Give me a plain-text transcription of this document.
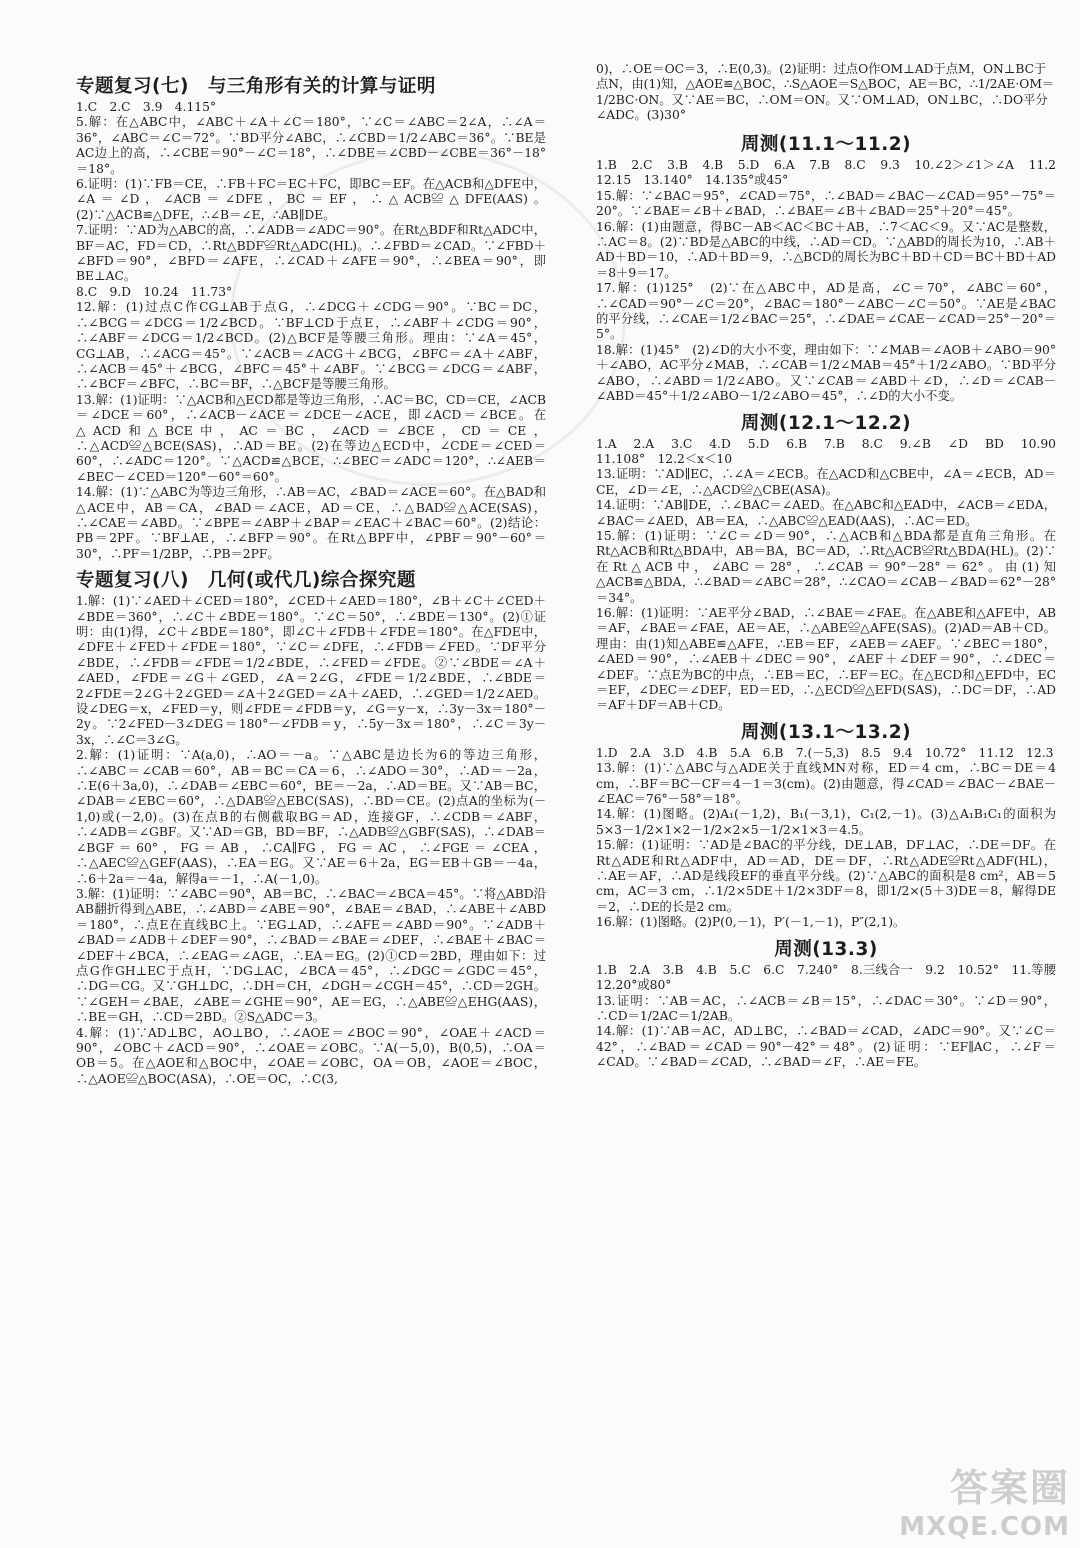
专题复习(七)　与三角形有关的计算与证明

1.C　2.C　3.9　4.115°

5.解：在△ABC中，∠ABC＋∠A＋∠C＝180°，∵∠C＝∠ABC＝2∠A，∴∠A＝36°，∠ABC＝∠C＝72°。∵BD平分∠ABC，∴∠CBD＝1/2∠ABC＝36°。∵BE是AC边上的高，∴∠CBE＝90°－∠C＝18°，∴∠DBE＝∠CBD－∠CBE＝36°－18°＝18°。

6.证明：(1)∵FB＝CE，∴FB＋FC＝EC＋FC，即BC＝EF。在△ACB和△DFE中，∠A＝∠D，∠ACB＝∠DFE，BC＝EF，∴△ACB≌△DFE(AAS)。(2)∵△ACB≌△DFE，∴∠B＝∠E，∴AB∥DE。

7.证明：∵AD为△ABC的高，∴∠ADB＝∠ADC＝90°。在Rt△BDF和Rt△ADC中，BF＝AC，FD＝CD，∴Rt△BDF≌Rt△ADC(HL)。∴∠FBD＝∠CAD。∵∠FBD＋∠BFD＝90°，∠BFD＝∠AFE，∴∠CAD＋∠AFE＝90°，∴∠BEA＝90°，即BE⊥AC。

8.C　9.D　10.24　11.73°

12.解：(1)过点C作CG⊥AB于点G，∴∠DCG＋∠CDG＝90°。∵BC＝DC，∴∠BCG＝∠DCG＝1/2∠BCD。∵BF⊥CD于点E，∴∠ABF＋∠CDG＝90°，∴∠ABF＝∠DCG＝1/2∠BCD。(2)△BCF是等腰三角形。理由：∵∠A＝45°，CG⊥AB，∴∠ACG＝45°。∵∠ACB＝∠ACG＋∠BCG，∠BFC＝∠A＋∠ABF，∴∠ACB＝45°＋∠BCG，∠BFC＝45°＋∠ABF。∵∠BCG＝∠DCG＝∠ABF，∴∠BCF＝∠BFC，∴BC＝BF，∴△BCF是等腰三角形。

13.解：(1)证明：∵△ACB和△ECD都是等边三角形，∴AC＝BC，CD＝CE，∠ACB＝∠DCE＝60°，∴∠ACB－∠ACE＝∠DCE－∠ACE，即∠ACD＝∠BCE。在△ACD和△BCE中，AC＝BC，∠ACD＝∠BCE，CD＝CE，∴△ACD≌△BCE(SAS)，∴AD＝BE。(2)在等边△ECD中，∠CDE＝∠CED＝60°，∴∠ADC＝120°。∵△ACD≌△BCE，∴∠BEC＝∠ADC＝120°，∴∠AEB＝∠BEC－∠CED＝120°－60°＝60°。

14.解：(1)∵△ABC为等边三角形，∴AB＝AC，∠BAD＝∠ACE＝60°。在△BAD和△ACE中，AB＝CA，∠BAD＝∠ACE，AD＝CE，∴△BAD≌△ACE(SAS)，∴∠CAE＝∠ABD。∵∠BPE＝∠ABP＋∠BAP＝∠EAC＋∠BAC＝60°。(2)结论：PB＝2PF。∵BF⊥AE，∴∠BFP＝90°。在Rt△BPF中，∠PBF＝90°－60°＝30°，∴PF＝1/2BP，∴PB＝2PF。

专题复习(八)　几何(或代几)综合探究题

1.解：(1)∵∠AED＋∠CED＝180°，∠CED＋∠AED＝180°，∠B＋∠C＋∠CED＋∠BDE＝360°，∴∠C＋∠BDE＝180°。∵∠C＝50°，∴∠BDE＝130°。(2)①证明：由(1)得，∠C＋∠BDE＝180°，即∠C＋∠FDB＋∠FDE＝180°。在△FDE中，∠DFE＋∠FED＋∠FDE＝180°，∵∠C＝∠DFE，∴∠FDB＝∠FED。∵DF平分∠BDE，∴∠FDB＝∠FDE＝1/2∠BDE，∴∠FED＝∠FDE。②∵∠BDE＝∠A＋∠AED，∠FDE＝∠G＋∠GED，∠A＝2∠G，∠FDE＝1/2∠BDE，∴∠BDE＝2∠FDE＝2∠G＋2∠GED＝∠A＋2∠GED＝∠A＋∠AED，∴∠GED＝1/2∠AED。设∠DEG＝x，∠FED＝y，则∠FDE＝∠FDB＝y，∠G＝y－x，∴3y－3x＝180°－2y。∵2∠FED－3∠DEG＝180°－∠FDB＝y，∴5y－3x＝180°，∴∠C＝3y－3x，∴∠C＝3∠G。

2.解：(1)证明：∵A(a,0)，∴AO＝－a。∵△ABC是边长为6的等边三角形，∴∠ABC＝∠CAB＝60°，AB＝BC＝CA＝6，∴∠ADO＝30°，∴AD＝－2a，∴E(6＋3a,0)，∴∠DAB＝∠EBC＝60°，BE＝－2a，∴AD＝BE。又∵AB＝BC，∠DAB＝∠EBC＝60°，∴△DAB≌△EBC(SAS)，∴BD＝CE。(2)点A的坐标为(－1,0)或(－2,0)。(3)在点B的右侧截取BG＝AD，连接GF，∴∠CDB＝∠ABF，∴∠ADB＝∠GBF。又∵AD＝GB，BD＝BF，∴△ADB≌△GBF(SAS)，∴∠DAB＝∠BGF＝60°，FG＝AB，∴CA∥FG，FG＝AC，∴∠FGE＝∠CEA，∴△AEC≌△GEF(AAS)，∴EA＝EG。又∵AE＝6＋2a，EG＝EB＋GB＝－4a，∴6＋2a＝－4a，解得a＝－1，∴A(－1,0)。

3.解：(1)证明：∵∠ABC＝90°，AB＝BC，∴∠BAC＝∠BCA＝45°。∵将△ABD沿AB翻折得到△ABE，∴∠ABD＝∠ABE＝90°，∠BAE＝∠BAD，∴∠ABE＋∠ABD＝180°，∴点E在直线BC上。∵EG⊥AD，∴∠AFE＝∠ABD＝90°。∵∠ADB＋∠BAD＝∠ADB＋∠DEF＝90°，∴∠BAD＝∠BAE＝∠DEF，∴∠BAE＋∠BAC＝∠DEF＋∠BCA，∴∠EAG＝∠AGE，∴EA＝EG。(2)①CD＝2BD，理由如下：过点G作GH⊥EC于点H，∵DG⊥AC，∠BCA＝45°，∴∠DGC＝∠GDC＝45°，∴DG＝CG。又∵GH⊥DC，∴DH＝CH，∠DGH＝∠CGH＝45°，∴CD＝2GH。∵∠GEH＝∠BAE，∠ABE＝∠GHE＝90°，AE＝EG，∴△ABE≌△EHG(AAS)，∴BE＝GH，∴CD＝2BD。②S△ADC＝3。

4.解：(1)∵AD⊥BC，AO⊥BO，∴∠AOE＝∠BOC＝90°，∠OAE＋∠ACD＝90°，∠OBC＋∠ACD＝90°，∴∠OAE＝∠OBC。∵A(－5,0)，B(0,5)，∴OA＝OB＝5。在△AOE和△BOC中，∠OAE＝∠OBC，OA＝OB，∠AOE＝∠BOC，∴△AOE≌△BOC(ASA)，∴OE＝OC，∴C(3,

0)，∴OE＝OC＝3，∴E(0,3)。(2)证明：过点O作OM⊥AD于点M，ON⊥BC于点N，由(1)知，△AOE≌△BOC，∴S△AOE＝S△BOC，AE＝BC，∴1/2AE·OM＝1/2BC·ON。又∵AE＝BC，∴OM＝ON。又∵OM⊥AD，ON⊥BC，∴DO平分∠ADC。(3)30°
周测(11.1～11.2)

1.B　2.C　3.B　4.B　5.D　6.A　7.B　8.C　9.3　10.∠2＞∠1＞∠A　11.2　12.15　13.140°　14.135°或45°

15.解：∵∠BAC＝95°，∠CAD＝75°，∴∠BAD＝∠BAC－∠CAD＝95°－75°＝20°。∵∠BAE＝∠B＋∠BAD，∴∠BAE＝∠B＋∠BAD＝25°＋20°＝45°。

16.解：(1)由题意，得BC－AB＜AC＜BC＋AB，∴7＜AC＜9。又∵AC是整数，∴AC＝8。(2)∵BD是△ABC的中线，∴AD＝CD。∵△ABD的周长为10，∴AB＋AD＋BD＝10，∴AD＋BD＝9，∴△BCD的周长为BC＋BD＋CD＝BC＋BD＋AD＝8＋9＝17。

17.解：(1)125°　(2)∵在△ABC中，AD是高，∠C＝70°，∠ABC＝60°，∴∠CAD＝90°－∠C＝20°，∠BAC＝180°－∠ABC－∠C＝50°。∵AE是∠BAC的平分线，∴∠CAE＝1/2∠BAC＝25°，∴∠DAE＝∠CAE－∠CAD＝25°－20°＝5°。

18.解：(1)45°　(2)∠D的大小不变，理由如下：∵∠MAB＝∠AOB＋∠ABO＝90°＋∠ABO，AC平分∠MAB，∴∠CAB＝1/2∠MAB＝45°＋1/2∠ABO。∵BD平分∠ABO，∴∠ABD＝1/2∠ABO。又∵∠CAB＝∠ABD＋∠D，∴∠D＝∠CAB－∠ABD＝45°＋1/2∠ABO－1/2∠ABO＝45°，∴∠D的大小不变。

周测(12.1～12.2)

1.A　2.A　3.C　4.D　5.D　6.B　7.B　8.C　9.∠B　∠D　BD　10.90　11.108°　12.2＜x＜10

13.证明：∵AD∥EC，∴∠A＝∠ECB。在△ACD和△CBE中，∠A＝∠ECB，AD＝CE，∠D＝∠E，∴△ACD≌△CBE(ASA)。

14.证明：∵AB∥DE，∴∠BAC＝∠AED。在△ABC和△EAD中，∠ACB＝∠EDA，∠BAC＝∠AED，AB＝EA，∴△ABC≌△EAD(AAS)，∴AC＝ED。

15.解：(1)证明：∵∠C＝∠D＝90°，∴△ACB和△BDA都是直角三角形。在Rt△ACB和Rt△BDA中，AB＝BA，BC＝AD，∴Rt△ACB≌Rt△BDA(HL)。(2)∵在Rt△ACB中，∠ABC＝28°，∴∠CAB＝90°－28°＝62°。由(1)知△ACB≌△BDA，∴∠BAD＝∠ABC＝28°，∴∠CAO＝∠CAB－∠BAD＝62°－28°＝34°。

16.解：(1)证明：∵AE平分∠BAD，∴∠BAE＝∠FAE。在△ABE和△AFE中，AB＝AF，∠BAE＝∠FAE，AE＝AE，∴△ABE≌△AFE(SAS)。(2)AD＝AB＋CD。理由：由(1)知△ABE≌△AFE，∴EB＝EF，∠AEB＝∠AEF。∵∠BEC＝180°，∠AED＝90°，∴∠AEB＋∠DEC＝90°，∠AEF＋∠DEF＝90°，∴∠DEC＝∠DEF。∵点E为BC的中点，∴EB＝EC，∴EF＝EC。在△ECD和△EFD中，EC＝EF，∠DEC＝∠DEF，ED＝ED，∴△ECD≌△EFD(SAS)，∴DC＝DF，∴AD＝AF＋DF＝AB＋CD。

周测(13.1～13.2)

1.D　2.A　3.D　4.B　5.A　6.B　7.(－5,3)　8.5　9.4　10.72°　11.12　12.3

13.解：(1)∵△ABC与△ADE关于直线MN对称，ED＝4 cm，∴BC＝DE＝4 cm，∴BF＝BC－CF＝4－1＝3(cm)。(2)由题意，得∠CAD＝∠BAC－∠BAE－∠EAC＝76°－58°＝18°。

14.解：(1)图略。(2)A₁(－1,2)，B₁(－3,1)，C₁(2,－1)。(3)△A₁B₁C₁的面积为5×3－1/2×1×2－1/2×2×5－1/2×1×3＝4.5。

15.解：(1)证明：∵AD是∠BAC的平分线，DE⊥AB，DF⊥AC，∴DE＝DF。在Rt△ADE和Rt△ADF中，AD＝AD，DE＝DF，∴Rt△ADE≌Rt△ADF(HL)，∴AE＝AF，∴AD是线段EF的垂直平分线。(2)∵△ABC的面积是8 cm²，AB＝5 cm，AC＝3 cm，∴1/2×5DE＋1/2×3DF＝8，即1/2×(5＋3)DE＝8，解得DE＝2，∴DE的长是2 cm。

16.解：(1)图略。(2)P(0,－1)，P′(－1,－1)，P″(2,1)。

周测(13.3)

1.B　2.A　3.B　4.B　5.C　6.C　7.240°　8.三线合一　9.2　10.52°　11.等腰　12.20°或80°

13.证明：∵AB＝AC，∴∠ACB＝∠B＝15°，∴∠DAC＝30°。∵∠D＝90°，∴CD＝1/2AC＝1/2AB。

14.解：(1)∵AB＝AC，AD⊥BC，∴∠BAD＝∠CAD，∠ADC＝90°。又∵∠C＝42°，∴∠BAD＝∠CAD＝90°－42°＝48°。(2)证明：∵EF∥AC，∴∠F＝∠CAD。∵∠BAD＝∠CAD，∴∠BAD＝∠F，∴AE＝FE。

答案圈
MXQE.COM
